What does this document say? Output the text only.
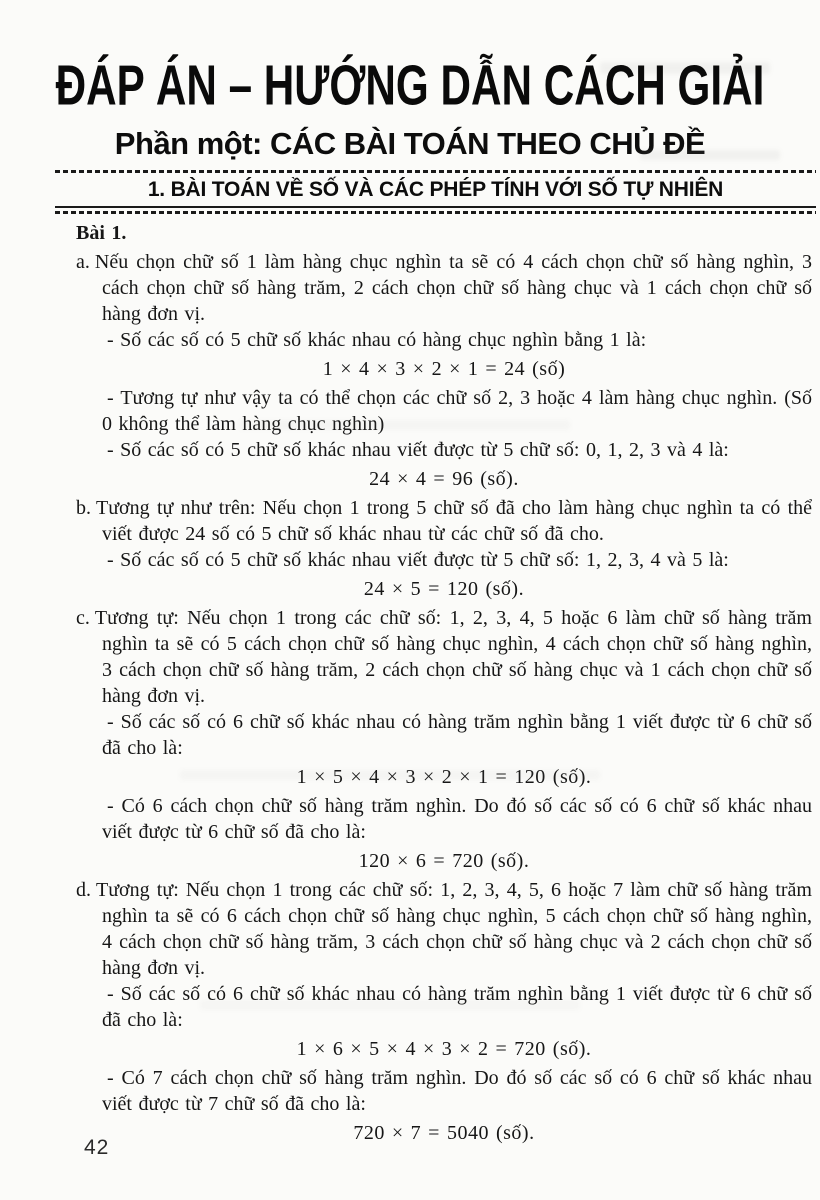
ĐÁP ÁN – HƯỚNG DẪN CÁCH GIẢI
Phần một: CÁC BÀI TOÁN THEO CHỦ ĐỀ
1. BÀI TOÁN VỀ SỐ VÀ CÁC PHÉP TÍNH VỚI SỐ TỰ NHIÊN
Bài 1.

a. Nếu chọn chữ số 1 làm hàng chục nghìn ta sẽ có 4 cách chọn chữ số hàng nghìn, 3 cách chọn chữ số hàng trăm, 2 cách chọn chữ số hàng chục và 1 cách chọn chữ số hàng đơn vị.

- Số các số có 5 chữ số khác nhau có hàng chục nghìn bằng 1 là:

1 × 4 × 3 × 2 × 1 = 24 (số)

- Tương tự như vậy ta có thể chọn các chữ số 2, 3 hoặc 4 làm hàng chục nghìn. (Số 0 không thể làm hàng chục nghìn)

- Số các số có 5 chữ số khác nhau viết được từ 5 chữ số: 0, 1, 2, 3 và 4 là:

24 × 4 = 96 (số).

b. Tương tự như trên: Nếu chọn 1 trong 5 chữ số đã cho làm hàng chục nghìn ta có thể viết được 24 số có 5 chữ số khác nhau từ các chữ số đã cho.

- Số các số có 5 chữ số khác nhau viết được từ 5 chữ số: 1, 2, 3, 4 và 5 là:

24 × 5 = 120 (số).

c. Tương tự: Nếu chọn 1 trong các chữ số: 1, 2, 3, 4, 5 hoặc 6 làm chữ số hàng trăm nghìn ta sẽ có 5 cách chọn chữ số hàng chục nghìn, 4 cách chọn chữ số hàng nghìn, 3 cách chọn chữ số hàng trăm, 2 cách chọn chữ số hàng chục và 1 cách chọn chữ số hàng đơn vị.

- Số các số có 6 chữ số khác nhau có hàng trăm nghìn bằng 1 viết được từ 6 chữ số đã cho là:

1 × 5 × 4 × 3 × 2 × 1 = 120 (số).

- Có 6 cách chọn chữ số hàng trăm nghìn. Do đó số các số có 6 chữ số khác nhau viết được từ 6 chữ số đã cho là:

120 × 6 = 720 (số).

d. Tương tự: Nếu chọn 1 trong các chữ số: 1, 2, 3, 4, 5, 6 hoặc 7 làm chữ số hàng trăm nghìn ta sẽ có 6 cách chọn chữ số hàng chục nghìn, 5 cách chọn chữ số hàng nghìn, 4 cách chọn chữ số hàng trăm, 3 cách chọn chữ số hàng chục và 2 cách chọn chữ số hàng đơn vị.

- Số các số có 6 chữ số khác nhau có hàng trăm nghìn bằng 1 viết được từ 6 chữ số đã cho là:

1 × 6 × 5 × 4 × 3 × 2 = 720 (số).

- Có 7 cách chọn chữ số hàng trăm nghìn. Do đó số các số có 6 chữ số khác nhau viết được từ 7 chữ số đã cho là:

720 × 7 = 5040 (số).

42
